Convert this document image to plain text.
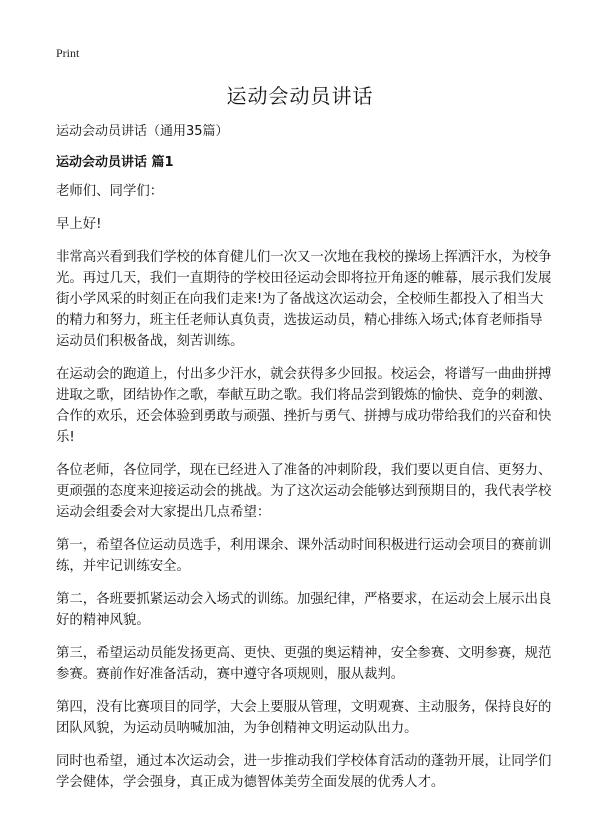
Print
运动会动员讲话
运动会动员讲话（通用35篇）
运动会动员讲话 篇1

老师们、同学们：

早上好!

非常高兴看到我们学校的体育健儿们一次又一次地在我校的操场上挥洒汗水，为校争光。再过几天，我们一直期待的学校田径运动会即将拉开角逐的帷幕，展示我们发展街小学风采的时刻正在向我们走来!为了备战这次运动会，全校师生都投入了相当大的精力和努力，班主任老师认真负责，选拔运动员，精心排练入场式;体育老师指导运动员们积极备战，刻苦训练。

在运动会的跑道上，付出多少汗水，就会获得多少回报。校运会，将谱写一曲曲拼搏进取之歌，团结协作之歌，奉献互助之歌。我们将品尝到锻炼的愉快、竞争的刺激、合作的欢乐，还会体验到勇敢与顽强、挫折与勇气、拼搏与成功带给我们的兴奋和快乐!

各位老师，各位同学，现在已经进入了准备的冲刺阶段，我们要以更自信、更努力、更顽强的态度来迎接运动会的挑战。为了这次运动会能够达到预期目的，我代表学校运动会组委会对大家提出几点希望：

第一，希望各位运动员选手，利用课余、课外活动时间积极进行运动会项目的赛前训练，并牢记训练安全。

第二，各班要抓紧运动会入场式的训练。加强纪律，严格要求，在运动会上展示出良好的精神风貌。

第三，希望运动员能发扬更高、更快、更强的奥运精神，安全参赛、文明参赛，规范参赛。赛前作好准备活动，赛中遵守各项规则，服从裁判。

第四，没有比赛项目的同学，大会上要服从管理，文明观赛、主动服务，保持良好的团队风貌，为运动员呐喊加油，为争创精神文明运动队出力。

同时也希望，通过本次运动会，进一步推动我们学校体育活动的蓬勃开展，让同学们学会健体，学会强身，真正成为德智体美劳全面发展的优秀人才。
